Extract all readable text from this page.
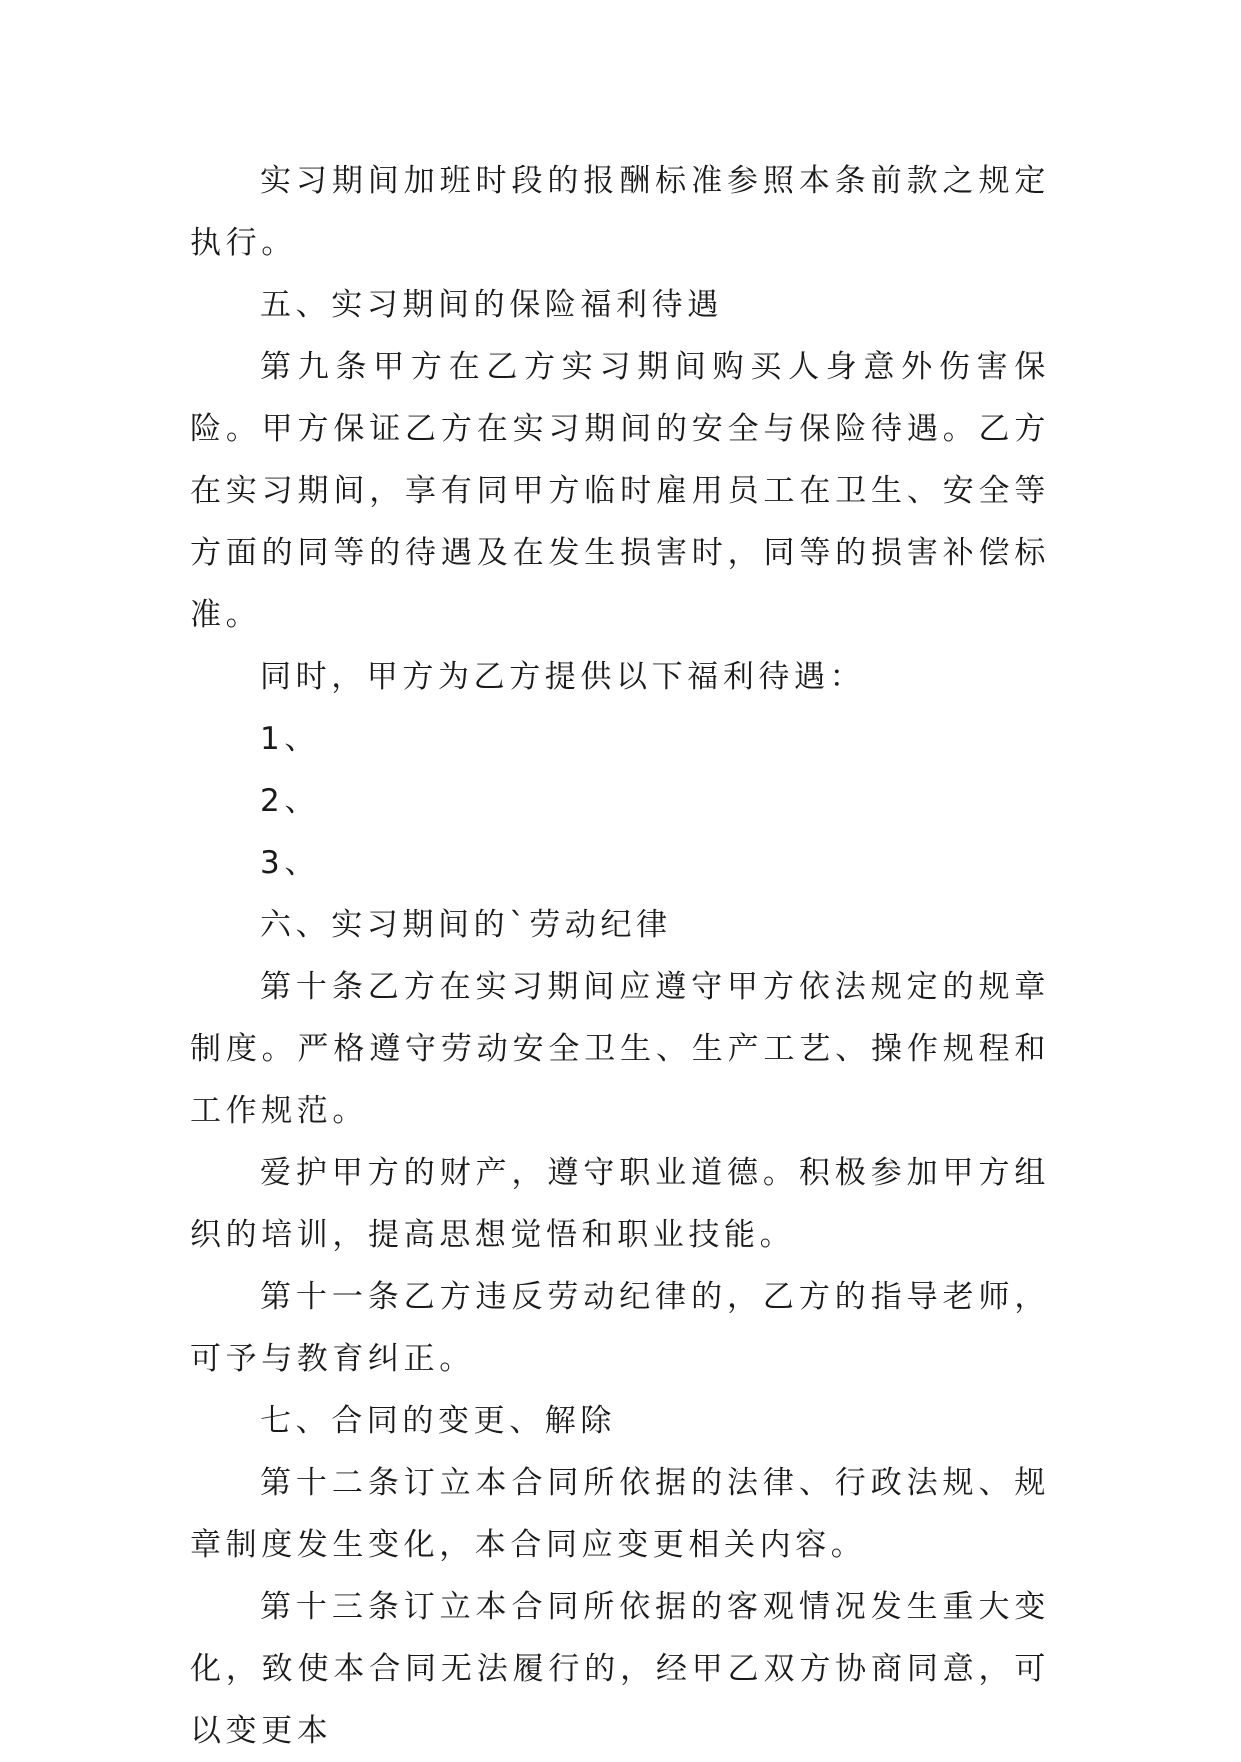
实习期间加班时段的报酬标准参照本条前款之规定执行。

五、实习期间的保险福利待遇

第九条甲方在乙方实习期间购买人身意外伤害保险。甲方保证乙方在实习期间的安全与保险待遇。乙方在实习期间，享有同甲方临时雇用员工在卫生、安全等方面的同等的待遇及在发生损害时，同等的损害补偿标准。

同时，甲方为乙方提供以下福利待遇：

1、

2、

3、

六、实习期间的`劳动纪律

第十条乙方在实习期间应遵守甲方依法规定的规章制度。严格遵守劳动安全卫生、生产工艺、操作规程和工作规范。

爱护甲方的财产，遵守职业道德。积极参加甲方组织的培训，提高思想觉悟和职业技能。

第十一条乙方违反劳动纪律的，乙方的指导老师，可予与教育纠正。

七、合同的变更、解除

第十二条订立本合同所依据的法律、行政法规、规章制度发生变化，本合同应变更相关内容。

第十三条订立本合同所依据的客观情况发生重大变化，致使本合同无法履行的，经甲乙双方协商同意，可以变更本
